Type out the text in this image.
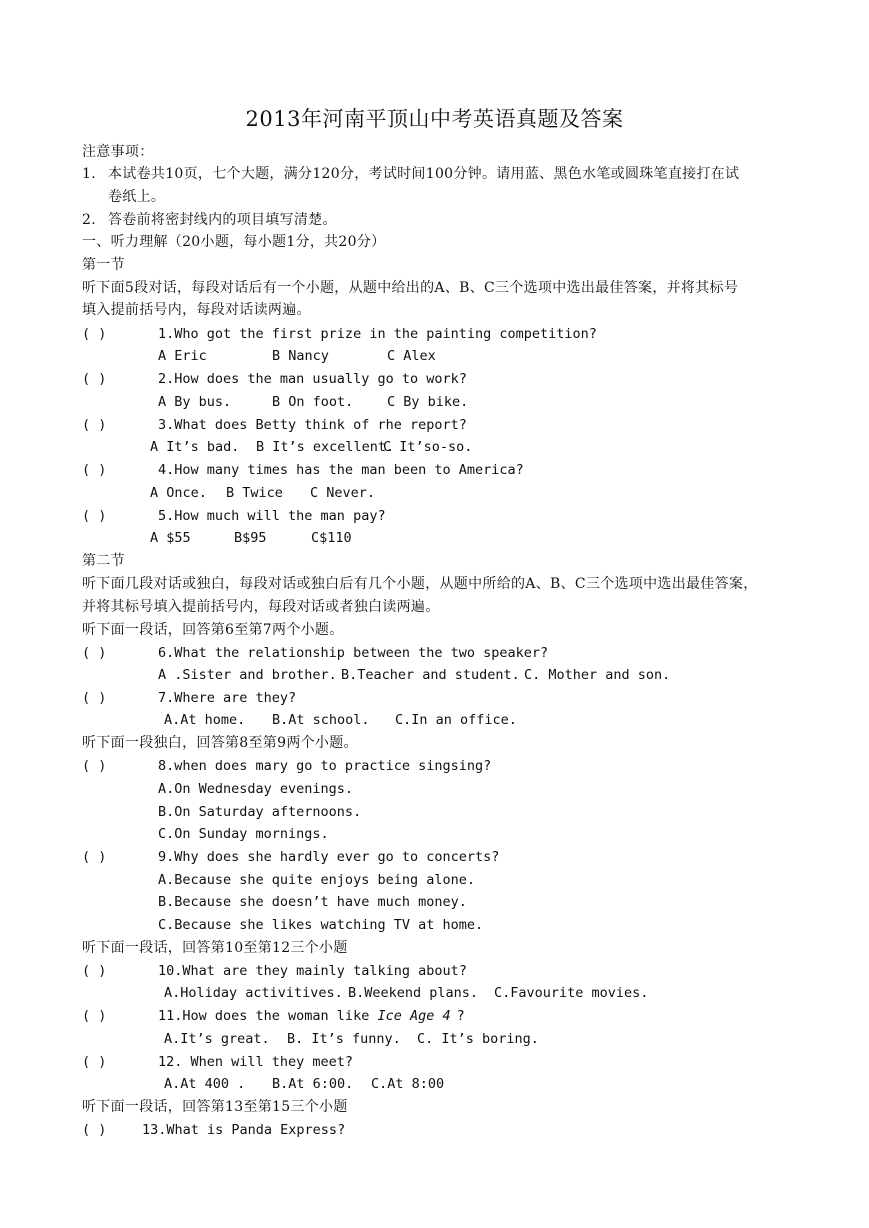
2013年河南平顶山中考英语真题及答案
注意事项：
1. 本试卷共10页，七个大题，满分120分，考试时间100分钟。请用蓝、黑色水笔或圆珠笔直接打在试
卷纸上。
2. 答卷前将密封线内的项目填写清楚。
一、听力理解（20小题，每小题1分，共20分）
第一节
听下面5段对话，每段对话后有一个小题，从题中给出的A、B、C三个选项中选出最佳答案，并将其标号
填入提前括号内，每段对话读两遍。
( )	1.Who got the first prize in the painting competition?
A Eric	B Nancy	C Alex
( )	2.How does the man usually go to work?
A By bus.	B On foot. C By bike.
( )	3.What does Betty think of rhe report?
A It’s bad. B It’s excellent.
C It’so-so.
( )	4.How many times has the man been to America?
A Once. B Twice C Never.
( )	5.How much will the man pay?
A $55	B$95	C$110
第二节
听下面几段对话或独白，每段对话或独白后有几个小题，从题中所给的A、B、C三个选项中选出最佳答案，
并将其标号填入提前括号内，每段对话或者独白读两遍。
听下面一段话，回答第6至第7两个小题。
( )	6.What the relationship between the two speaker?
A .Sister and brother. B.Teacher and student. C. Mother and son.
( )	7.Where are they?
A.At home. B.At school. C.In an office.
听下面一段独白，回答第8至第9两个小题。
( )	8.when does mary go to practice singsing?
A.On Wednesday evenings.
B.On Saturday afternoons.
C.On Sunday mornings.
( )	9.Why does she hardly ever go to concerts?
A.Because she quite enjoys being alone.
B.Because she doesn’t have much money.
C.Because she likes watching TV at home.
听下面一段话，回答第10至第12三个小题
( )	10.What are they mainly talking about?
A.Holiday activitives. B.Weekend plans. C.Favourite movies.
( )	11.How does the woman like Ice Age 4 ?
A.It’s great. B. It’s funny. C. It’s boring.
( )	12. When will they meet?
A.At 400 . B.At 6:00. C.At 8:00
听下面一段话，回答第13至第15三个小题
( )	13.What is Panda Express?
